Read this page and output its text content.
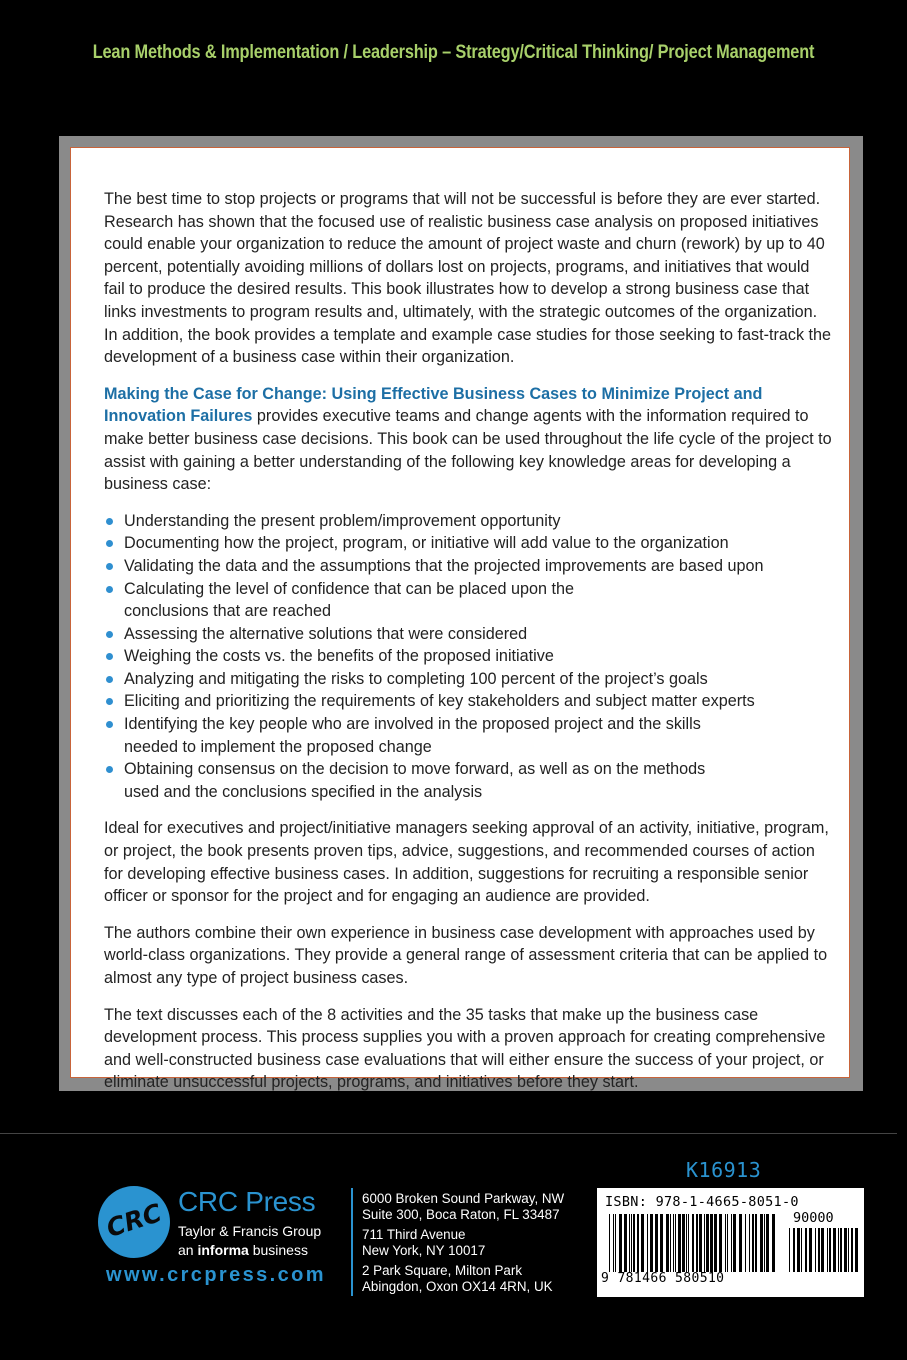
Lean Methods & Implementation / Leadership – Strategy/Critical Thinking/ Project Management

The best time to stop projects or programs that will not be successful is before they are ever started. Research has shown that the focused use of realistic business case analysis on proposed initiatives could enable your organization to reduce the amount of project waste and churn (rework) by up to 40 percent, potentially avoiding millions of dollars lost on projects, programs, and initiatives that would fail to produce the desired results. This book illustrates how to develop a strong business case that links investments to program results and, ultimately, with the strategic outcomes of the organization. In addition, the book provides a template and example case studies for those seeking to fast-track the development of a business case within their organization.

Making the Case for Change: Using Effective Business Cases to Minimize Project and Innovation Failures provides executive teams and change agents with the information required to make better business case decisions. This book can be used throughout the life cycle of the project to assist with gaining a better understanding of the following key knowledge areas for developing a business case:

Understanding the present problem/improvement opportunity
Documenting how the project, program, or initiative will add value to the organization
Validating the data and the assumptions that the projected improvements are based upon
Calculating the level of confidence that can be placed upon the conclusions that are reached
Assessing the alternative solutions that were considered
Weighing the costs vs. the benefits of the proposed initiative
Analyzing and mitigating the risks to completing 100 percent of the project’s goals
Eliciting and prioritizing the requirements of key stakeholders and subject matter experts
Identifying the key people who are involved in the proposed project and the skills needed to implement the proposed change
Obtaining consensus on the decision to move forward, as well as on the methods used and the conclusions specified in the analysis

Ideal for executives and project/initiative managers seeking approval of an activity, initiative, program, or project, the book presents proven tips, advice, suggestions, and recommended courses of action for developing effective business cases. In addition, suggestions for recruiting a responsible senior officer or sponsor for the project and for engaging an audience are provided.

The authors combine their own experience in business case development with approaches used by world-class organizations. They provide a general range of assessment criteria that can be applied to almost any type of project business cases.

The text discusses each of the 8 activities and the 35 tasks that make up the business case development process. This process supplies you with a proven approach for creating comprehensive and well-constructed business case evaluations that will either ensure the success of your project, or eliminate unsuccessful projects, programs, and initiatives before they start.

CRC CRC Press
Taylor & Francis Group
an informa business
www.crcpress.com
6000 Broken Sound Parkway, NW
Suite 300, Boca Raton, FL 33487
711 Third Avenue
New York, NY 10017
2 Park Square, Milton Park
Abingdon, Oxon OX14 4RN, UK
K16913
ISBN: 978-1-4665-8051-0
90000
9 781466 580510
